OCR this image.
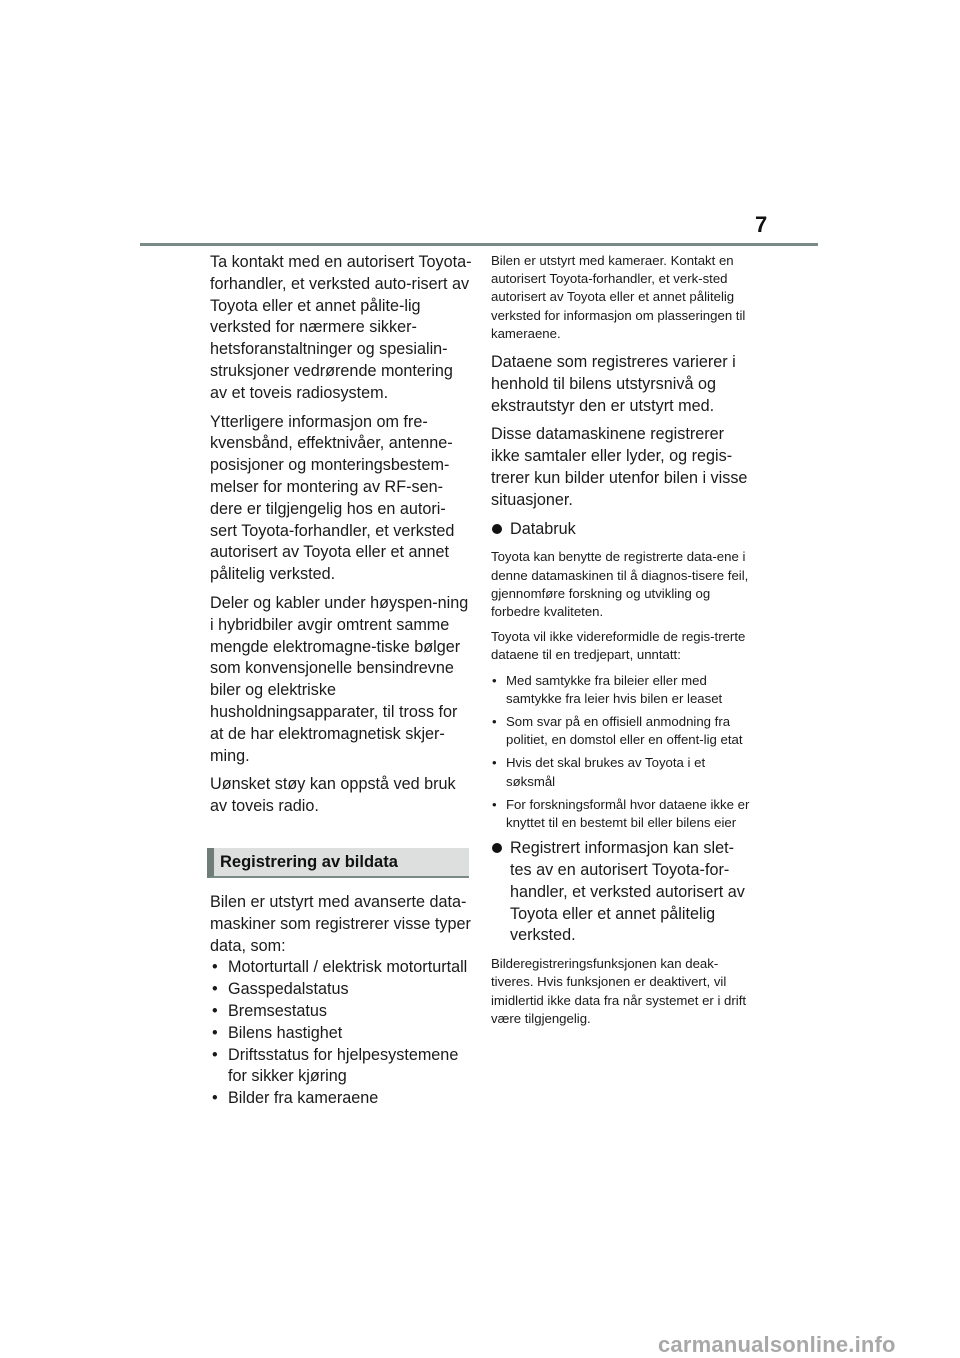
7

Ta kontakt med en autorisert Toyota-forhandler, et verksted auto-risert av Toyota eller et annet pålite-lig verksted for nærmere sikker-hetsforanstaltninger og spesialin-struksjoner vedrørende montering av et toveis radiosystem.

Ytterligere informasjon om fre-kvensbånd, effektnivåer, antenne-posisjoner og monteringsbestem-melser for montering av RF-sen-dere er tilgjengelig hos en autori-sert Toyota-forhandler, et verksted autorisert av Toyota eller et annet pålitelig verksted.

Deler og kabler under høyspen-ning i hybridbiler avgir omtrent samme mengde elektromagne-tiske bølger som konvensjonelle bensindrevne biler og elektriske husholdningsapparater, til tross for at de har elektromagnetisk skjer-ming.

Uønsket støy kan oppstå ved bruk av toveis radio.

Registrering av bildata

Bilen er utstyrt med avanserte data-maskiner som registrerer visse typer data, som:

• Motorturtall / elektrisk motorturtall
• Gasspedalstatus
• Bremsestatus
• Bilens hastighet
• Driftsstatus for hjelpesystemene for sikker kjøring
• Bilder fra kameraene

Bilen er utstyrt med kameraer. Kontakt en autorisert Toyota-forhandler, et verk-sted autorisert av Toyota eller et annet pålitelig verksted for informasjon om plasseringen til kameraene.

Dataene som registreres varierer i henhold til bilens utstyrsnivå og ekstrautstyr den er utstyrt med.

Disse datamaskinene registrerer ikke samtaler eller lyder, og regis-trerer kun bilder utenfor bilen i visse situasjoner.

Databruk

Toyota kan benytte de registrerte data-ene i denne datamaskinen til å diagnos-tisere feil, gjennomføre forskning og utvikling og forbedre kvaliteten.

Toyota vil ikke videreformidle de regis-trerte dataene til en tredjepart, unntatt:

• Med samtykke fra bileier eller med samtykke fra leier hvis bilen er leaset
• Som svar på en offisiell anmodning fra politiet, en domstol eller en offent-lig etat
• Hvis det skal brukes av Toyota i et søksmål
• For forskningsformål hvor dataene ikke er knyttet til en bestemt bil eller bilens eier
Registrert informasjon kan slet-tes av en autorisert Toyota-for-handler, et verksted autorisert av Toyota eller et annet pålitelig verksted.

Bilderegistreringsfunksjonen kan deak-tiveres. Hvis funksjonen er deaktivert, vil imidlertid ikke data fra når systemet er i drift være tilgjengelig.

carmanualsonline.info
